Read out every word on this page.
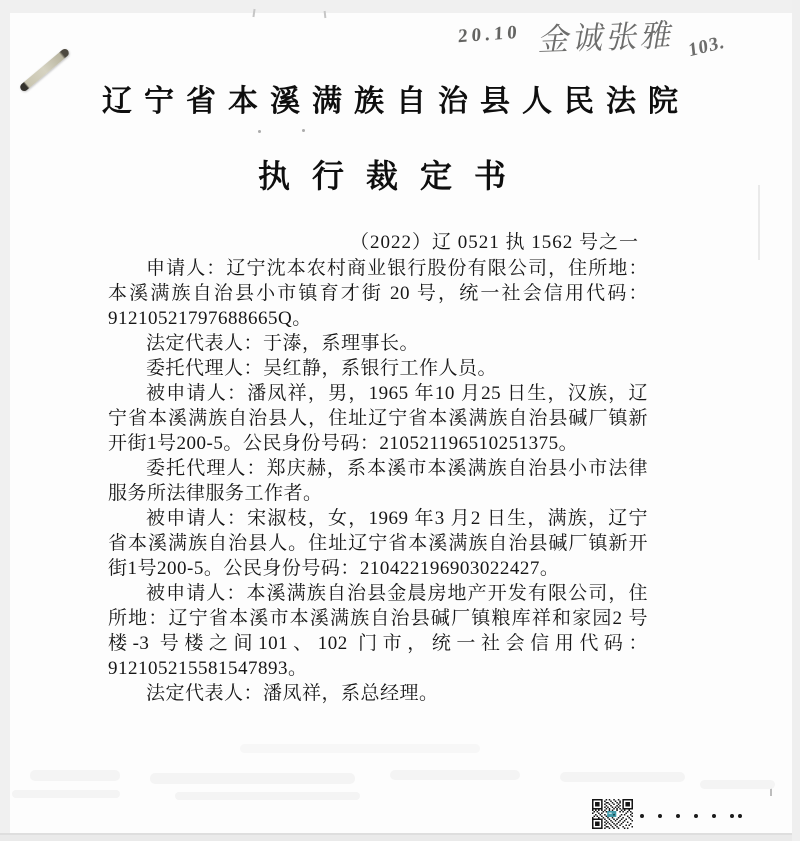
20.10 金诚张雅 103.
辽宁省本溪满族自治县人民法院
执行裁定书
（2022）辽 0521 执 1562 号之一

申请人：辽宁沈本农村商业银行股份有限公司，住所地：本溪满族自治县小市镇育才街 20 号，统一社会信用代码：91210521797688665Q。

法定代表人：于溙，系理事长。

委托代理人：吴红静，系银行工作人员。

被申请人：潘凤祥，男，1965 年10 月25 日生，汉族，辽宁省本溪满族自治县人，住址辽宁省本溪满族自治县碱厂镇新开街1号200-5。公民身份号码：210521196510251375。

委托代理人：郑庆赫，系本溪市本溪满族自治县小市法律服务所法律服务工作者。

被申请人：宋淑枝，女，1969 年3 月2 日生，满族，辽宁省本溪满族自治县人。住址辽宁省本溪满族自治县碱厂镇新开街1号200-5。公民身份号码：210422196903022427。

被申请人：本溪满族自治县金晨房地产开发有限公司，住所地：辽宁省本溪市本溪满族自治县碱厂镇粮库祥和家园2 号楼-3 号楼之间101、102 门市，统一社会信用代码：912105215581547893。

法定代表人：潘凤祥，系总经理。
